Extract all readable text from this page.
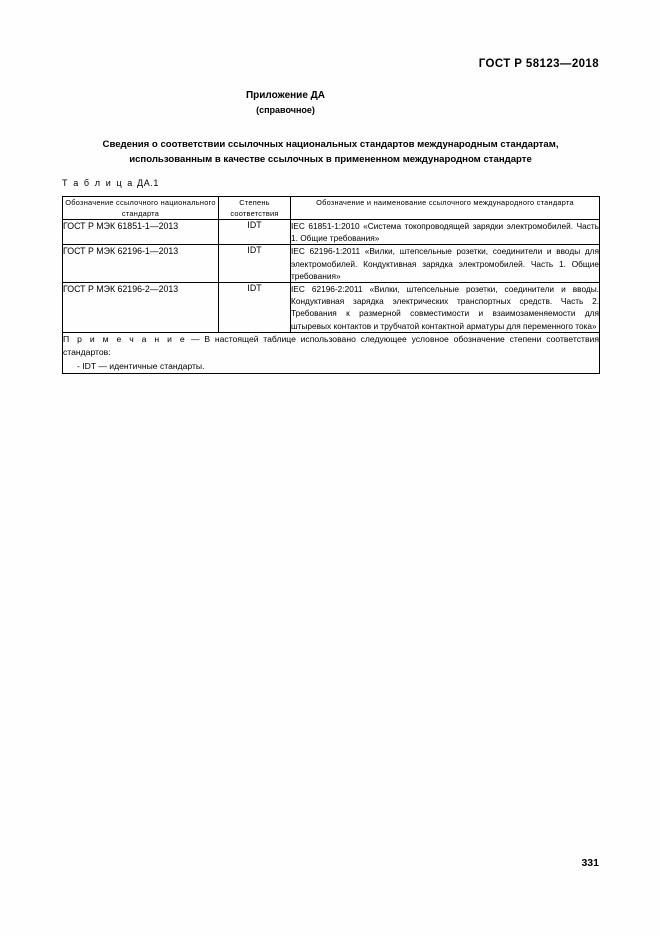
ГОСТ Р 58123—2018
Приложение ДА
(справочное)
Сведения о соответствии ссылочных национальных стандартов международным стандартам, использованным в качестве ссылочных в примененном международном стандарте
Т а б л и ц а ДА.1
Обозначение ссылочного национального стандарта	Степень соответствия	Обозначение и наименование ссылочного международного стандарта
ГОСТ Р МЭК 61851-1—2013	IDT	IEC 61851-1:2010 «Система токопроводящей зарядки электромобилей. Часть 1. Общие требования»
ГОСТ Р МЭК 62196-1—2013	IDT	IEC 62196-1:2011 «Вилки, штепсельные розетки, соединители и вводы для электромобилей. Кондуктивная зарядка электромобилей. Часть 1. Общие требования»
ГОСТ Р МЭК 62196-2—2013	IDT	IEC 62196-2:2011 «Вилки, штепсельные розетки, соединители и вводы. Кондуктивная зарядка электрических транспортных средств. Часть 2. Требования к размерной совместимости и взаимозаменяемости для штыревых контактов и трубчатой контактной арматуры для переменного тока»
П р и м е ч а н и е — В настоящей таблице использовано следующее условное обозначение степени соответствия стандартов:
- IDT — идентичные стандарты.		
331
